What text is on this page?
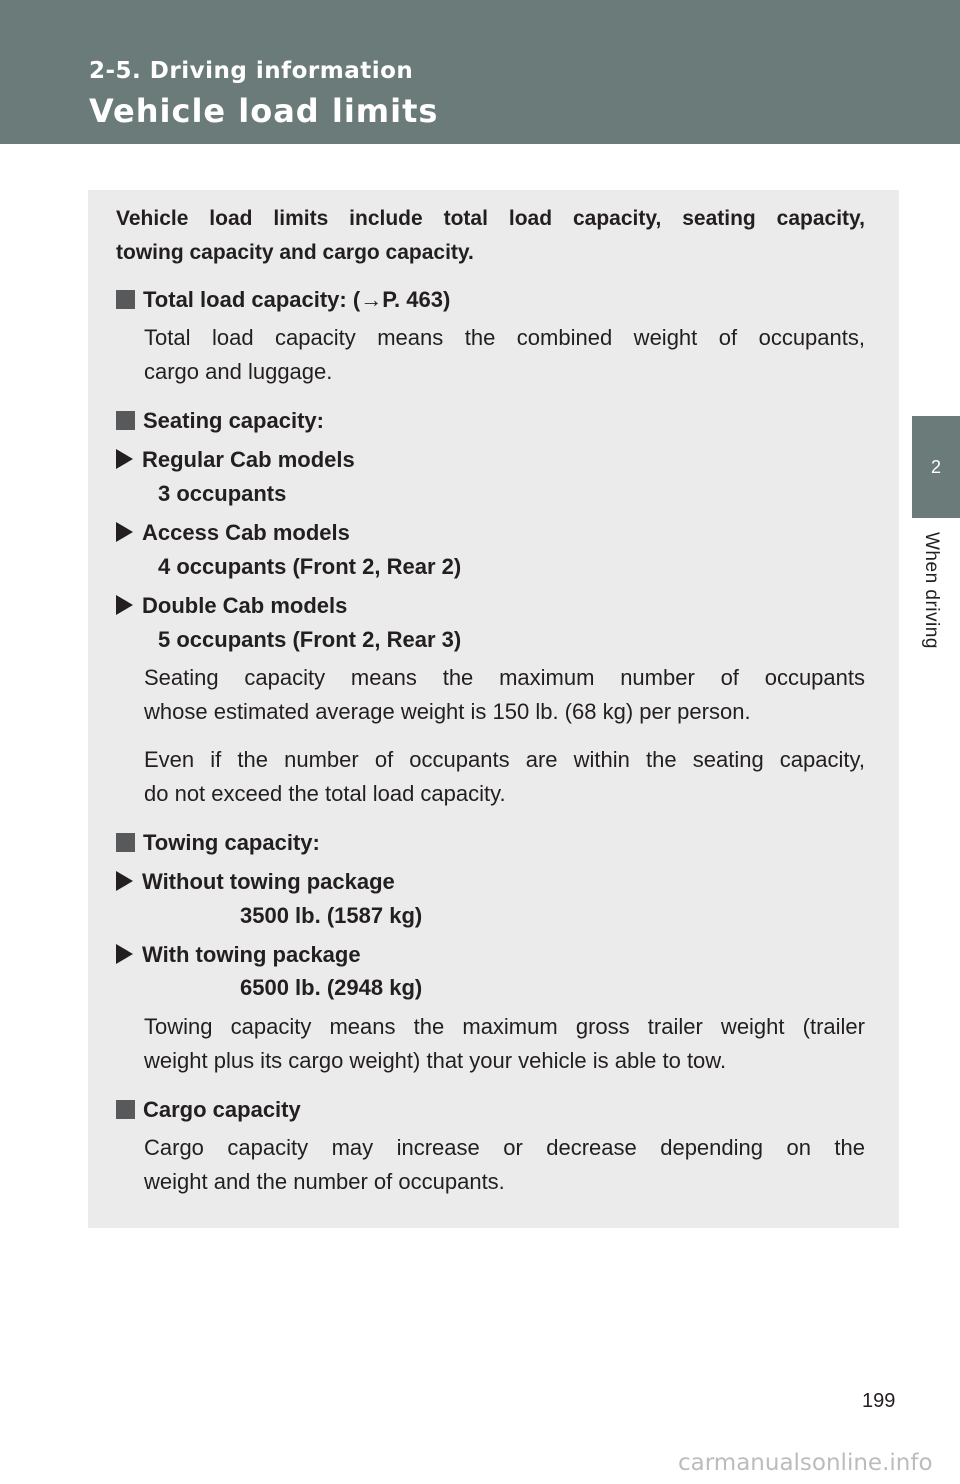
2-5. Driving information
Vehicle load limits
2
When driving
Vehicle load limits include total load capacity, seating capacity,
towing capacity and cargo capacity.
Total load capacity: (→P. 463)
Total load capacity means the combined weight of occupants,
cargo and luggage.
Seating capacity:
Regular Cab models
3 occupants
Access Cab models
4 occupants (Front 2, Rear 2)
Double Cab models
5 occupants (Front 2, Rear 3)
Seating capacity means the maximum number of occupants
whose estimated average weight is 150 lb. (68 kg) per person.
Even if the number of occupants are within the seating capacity,
do not exceed the total load capacity.
Towing capacity:
Without towing package
3500 lb. (1587 kg)
With towing package
6500 lb. (2948 kg)
Towing capacity means the maximum gross trailer weight (trailer
weight plus its cargo weight) that your vehicle is able to tow.
Cargo capacity
Cargo capacity may increase or decrease depending on the
weight and the number of occupants.
199
carmanualsonline.info
